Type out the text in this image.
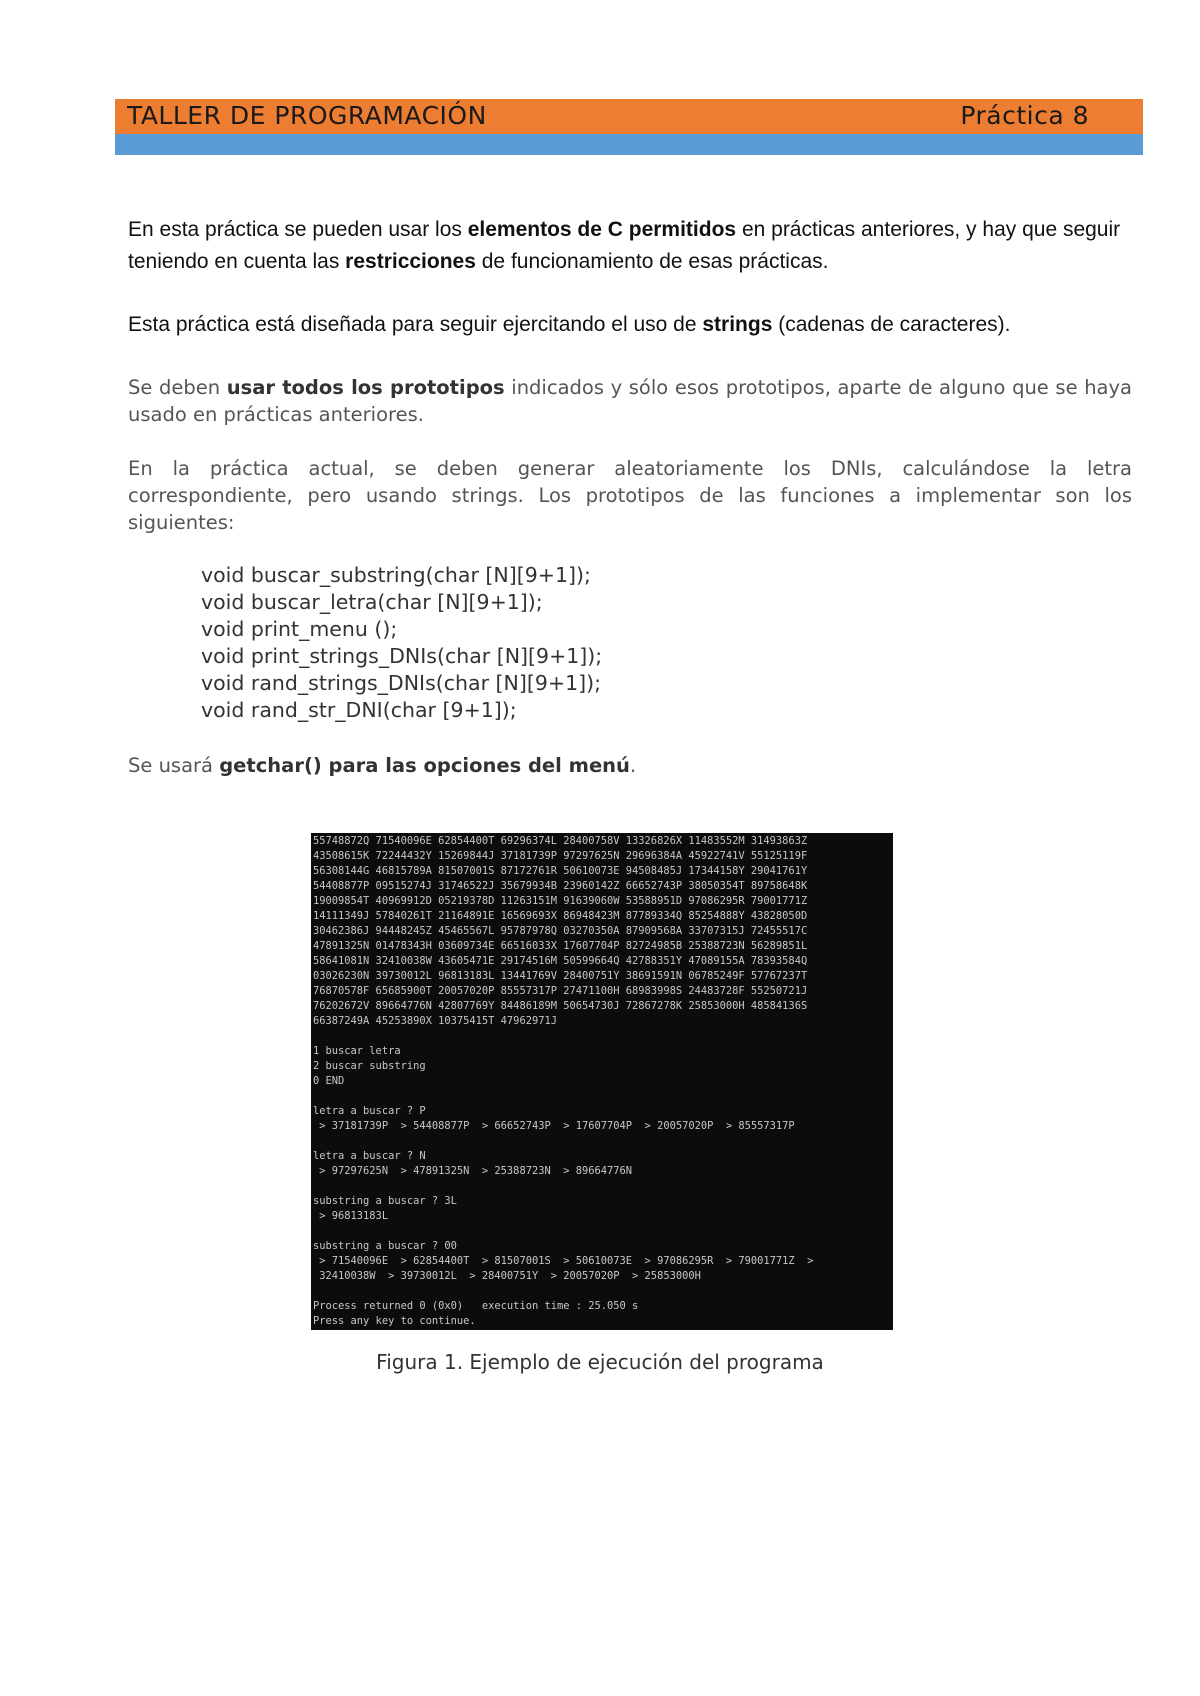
TALLER DE PROGRAMACIÓN	Práctica 8
En esta práctica se pueden usar los elementos de C permitidos en prácticas anteriores, y hay que seguir teniendo en cuenta las restricciones de funcionamiento de esas prácticas.
Esta práctica está diseñada para seguir ejercitando el uso de strings (cadenas de caracteres).
Se deben usar todos los prototipos indicados y sólo esos prototipos, aparte de alguno que se haya usado en prácticas anteriores.
En la práctica actual, se deben generar aleatoriamente los DNIs, calculándose la letra correspondiente, pero usando strings. Los prototipos de las funciones a implementar son los siguientes:
void buscar_substring(char [N][9+1]);
void buscar_letra(char [N][9+1]);
void print_menu ();
void print_strings_DNIs(char [N][9+1]);
void rand_strings_DNIs(char [N][9+1]);
void rand_str_DNI(char [9+1]);
Se usará getchar() para las opciones del menú.
55748872Q 71540096E 62854400T 69296374L 28400758V 13326826X 11483552M 31493863Z
43508615K 72244432Y 15269844J 37181739P 97297625N 29696384A 45922741V 55125119F
56308144G 46815789A 81507001S 87172761R 50610073E 94508485J 17344158Y 29041761Y
54408877P 09515274J 31746522J 35679934B 23960142Z 66652743P 38050354T 89758648K
19009854T 40969912D 05219378D 11263151M 91639060W 53588951D 97086295R 79001771Z
14111349J 57840261T 21164891E 16569693X 86948423M 87789334Q 85254888Y 43828050D
30462386J 94448245Z 45465567L 95787978Q 03270350A 87909568A 33707315J 72455517C
47891325N 01478343H 03609734E 66516033X 17607704P 82724985B 25388723N 56289851L
58641081N 32410038W 43605471E 29174516M 50599664Q 42788351Y 47089155A 78393584Q
03026230N 39730012L 96813183L 13441769V 28400751Y 38691591N 06785249F 57767237T
76870578F 65685900T 20057020P 85557317P 27471100H 68983998S 24483728F 55250721J
76202672V 89664776N 42807769Y 84486189M 50654730J 72867278K 25853000H 48584136S
66387249A 45253890X 10375415T 47962971J
1 buscar letra
2 buscar substring
0 END
letra a buscar ? P
> 37181739P  > 54408877P  > 66652743P  > 17607704P  > 20057020P  > 85557317P
letra a buscar ? N
> 97297625N  > 47891325N  > 25388723N  > 89664776N
substring a buscar ? 3L
> 96813183L
substring a buscar ? 00
> 71540096E  > 62854400T  > 81507001S  > 50610073E  > 97086295R  > 79001771Z  >
32410038W  > 39730012L  > 28400751Y  > 20057020P  > 25853000H
Process returned 0 (0x0)   execution time : 25.050 s
Press any key to continue.
Figura 1. Ejemplo de ejecución del programa
